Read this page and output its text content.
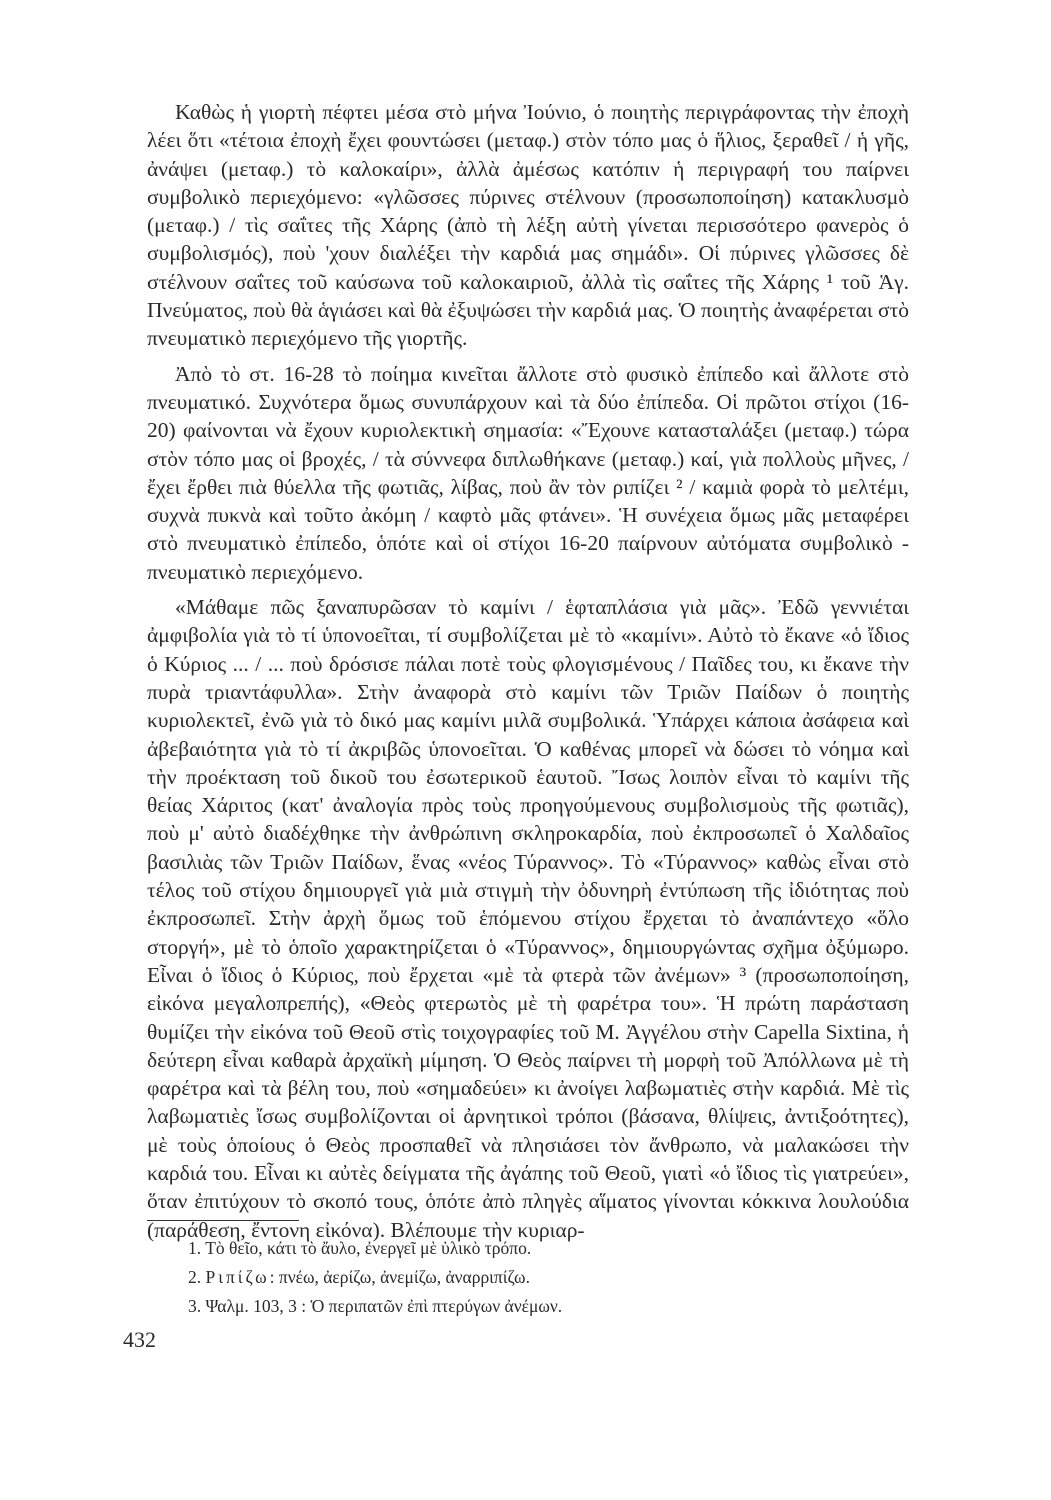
Καθὼς ἡ γιορτὴ πέφτει μέσα στὸ μήνα Ἰούνιο, ὁ ποιητὴς περιγράφοντας τὴν ἐποχὴ λέει ὅτι «τέτοια ἐποχὴ ἔχει φουντώσει (μεταφ.) στὸν τόπο μας ὁ ἥλιος, ξεραθεῖ / ἡ γῆς, ἀνάψει (μεταφ.) τὸ καλοκαίρι», ἀλλὰ ἀμέσως κατόπιν ἡ περιγραφή του παίρνει συμβολικὸ περιεχόμενο: «γλῶσσες πύρινες στέλνουν (προσωποποίηση) κατακλυσμὸ (μεταφ.) / τὶς σαΐτες τῆς Χάρης (ἀπὸ τὴ λέξη αὐτὴ γίνεται περισσότερο φανερὸς ὁ συμβολισμός), ποὺ 'χουν διαλέξει τὴν καρδιά μας σημάδι». Οἱ πύρινες γλῶσσες δὲ στέλνουν σαΐτες τοῦ καύσωνα τοῦ καλοκαιριοῦ, ἀλλὰ τὶς σαΐτες τῆς Χάρης ¹ τοῦ Ἁγ. Πνεύματος, ποὺ θὰ ἁγιάσει καὶ θὰ ἐξυψώσει τὴν καρδιά μας. Ὁ ποιητὴς ἀναφέρεται στὸ πνευματικὸ περιεχόμενο τῆς γιορτῆς.

Ἀπὸ τὸ στ. 16-28 τὸ ποίημα κινεῖται ἄλλοτε στὸ φυσικὸ ἐπίπεδο καὶ ἄλλοτε στὸ πνευματικό. Συχνότερα ὅμως συνυπάρχουν καὶ τὰ δύο ἐπίπεδα. Οἱ πρῶτοι στίχοι (16-20) φαίνονται νὰ ἔχουν κυριολεκτικὴ σημασία: «Ἔχουνε κατασταλάξει (μεταφ.) τώρα στὸν τόπο μας οἱ βροχές, / τὰ σύννεφα διπλωθήκανε (μεταφ.) καί, γιὰ πολλοὺς μῆνες, / ἔχει ἔρθει πιὰ θύελλα τῆς φωτιᾶς, λίβας, ποὺ ἂν τὸν ριπίζει ² / καμιὰ φορὰ τὸ μελτέμι, συχνὰ πυκνὰ καὶ τοῦτο ἀκόμη / καφτὸ μᾶς φτάνει». Ἡ συνέχεια ὅμως μᾶς μεταφέρει στὸ πνευματικὸ ἐπίπεδο, ὁπότε καὶ οἱ στίχοι 16-20 παίρνουν αὐτόματα συμβολικὸ - πνευματικὸ περιεχόμενο.

«Μάθαμε πῶς ξαναπυρῶσαν τὸ καμίνι / ἑφταπλάσια γιὰ μᾶς». Ἐδῶ γεννιέται ἀμφιβολία γιὰ τὸ τί ὑπονοεῖται, τί συμβολίζεται μὲ τὸ «καμίνι». Αὐτὸ τὸ ἔκανε «ὁ ἴδιος ὁ Κύριος ... / ... ποὺ δρόσισε πάλαι ποτὲ τοὺς φλογισμένους / Παῖδες του, κι ἔκανε τὴν πυρὰ τριαντάφυλλα». Στὴν ἀναφορὰ στὸ καμίνι τῶν Τριῶν Παίδων ὁ ποιητὴς κυριολεκτεῖ, ἐνῶ γιὰ τὸ δικό μας καμίνι μιλᾶ συμβολικά. Ὑπάρχει κάποια ἀσάφεια καὶ ἀβεβαιότητα γιὰ τὸ τί ἀκριβῶς ὑπονοεῖται. Ὁ καθένας μπορεῖ νὰ δώσει τὸ νόημα καὶ τὴν προέκταση τοῦ δικοῦ του ἐσωτερικοῦ ἑαυτοῦ. Ἴσως λοιπὸν εἶναι τὸ καμίνι τῆς θείας Χάριτος (κατ' ἀναλογία πρὸς τοὺς προηγούμενους συμβολισμοὺς τῆς φωτιᾶς), ποὺ μ' αὐτὸ διαδέχθηκε τὴν ἀνθρώπινη σκληροκαρδία, ποὺ ἐκπροσωπεῖ ὁ Χαλδαῖος βασιλιὰς τῶν Τριῶν Παίδων, ἕνας «νέος Τύραννος». Τὸ «Τύραννος» καθὼς εἶναι στὸ τέλος τοῦ στίχου δημιουργεῖ γιὰ μιὰ στιγμὴ τὴν ὀδυνηρὴ ἐντύπωση τῆς ἰδιότητας ποὺ ἐκπροσωπεῖ. Στὴν ἀρχὴ ὅμως τοῦ ἑπόμενου στίχου ἔρχεται τὸ ἀναπάντεχο «ὅλο στοργή», μὲ τὸ ὁποῖο χαρακτηρίζεται ὁ «Τύραννος», δημιουργώντας σχῆμα ὀξύμωρο. Εἶναι ὁ ἴδιος ὁ Κύριος, ποὺ ἔρχεται «μὲ τὰ φτερὰ τῶν ἀνέμων» ³ (προσωποποίηση, εἰκόνα μεγαλοπρεπής), «Θεὸς φτερωτὸς μὲ τὴ φαρέτρα του». Ἡ πρώτη παράσταση θυμίζει τὴν εἰκόνα τοῦ Θεοῦ στὶς τοιχογραφίες τοῦ Μ. Ἀγγέλου στὴν Capella Sixtina, ἡ δεύτερη εἶναι καθαρὰ ἀρχαϊκὴ μίμηση. Ὁ Θεὸς παίρνει τὴ μορφὴ τοῦ Ἀπόλλωνα μὲ τὴ φαρέτρα καὶ τὰ βέλη του, ποὺ «σημαδεύει» κι ἀνοίγει λαβωματιὲς στὴν καρδιά. Μὲ τὶς λαβωματιὲς ἴσως συμβολίζονται οἱ ἀρνητικοὶ τρόποι (βάσανα, θλίψεις, ἀντιξοότητες), μὲ τοὺς ὁποίους ὁ Θεὸς προσπαθεῖ νὰ πλησιάσει τὸν ἄνθρωπο, νὰ μαλακώσει τὴν καρδιά του. Εἶναι κι αὐτὲς δείγματα τῆς ἀγάπης τοῦ Θεοῦ, γιατὶ «ὁ ἴδιος τὶς γιατρεύει», ὅταν ἐπιτύχουν τὸ σκοπό τους, ὁπότε ἀπὸ πληγὲς αἵματος γίνονται κόκκινα λουλούδια (παράθεση, ἔντονη εἰκόνα). Βλέπουμε τὴν κυριαρ-

1. Τὸ θεῖο, κάτι τὸ ἄυλο, ἐνεργεῖ μὲ ὑλικὸ τρόπο.

2. Ριπίζω: πνέω, ἀερίζω, ἀνεμίζω, ἀναρριπίζω.

3. Ψαλμ. 103, 3 : Ὁ περιπατῶν ἐπὶ πτερύγων ἀνέμων.

432
